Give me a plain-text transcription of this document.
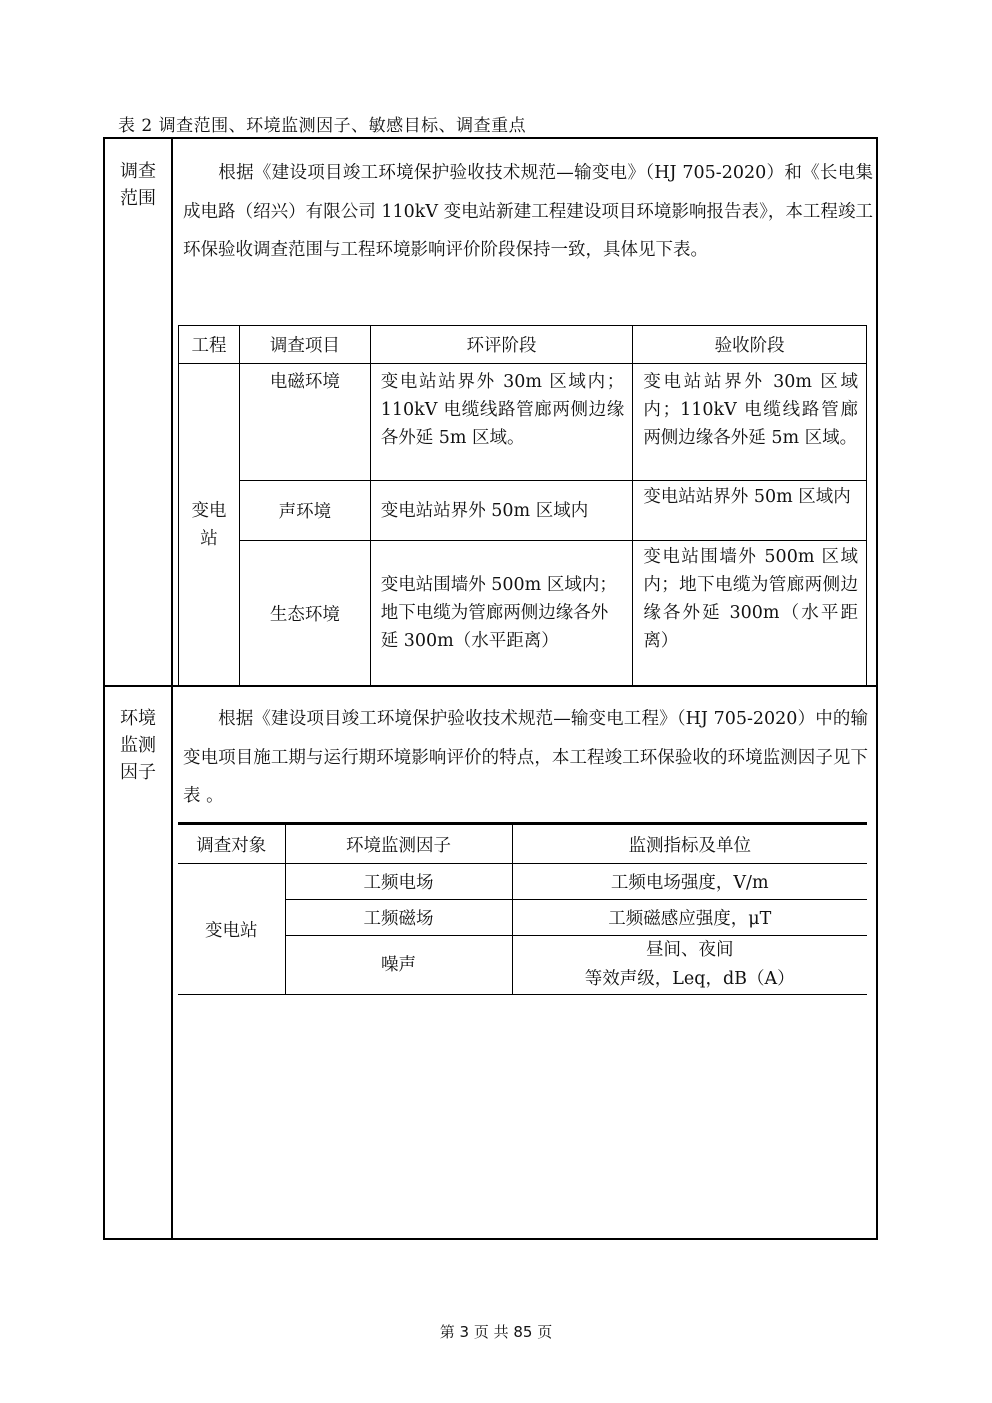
表 2 调查范围、环境监测因子、敏感目标、调查重点
调查
范围
根据《建设项目竣工环境保护验收技术规范—输变电》（HJ 705-2020）和《长电集成电路（绍兴）有限公司 110kV 变电站新建工程建设项目环境影响报告表》，本工程竣工环保验收调查范围与工程环境影响评价阶段保持一致，具体见下表。
工程	调查项目	环评阶段	验收阶段

变电站	电磁环境	变电站站界外 30m 区域内；110kV 电缆线路管廊两侧边缘各外延 5m 区域。	变电站站界外 30m 区域内；110kV 电缆线路管廊两侧边缘各外延 5m 区域。
	声环境	变电站站界外 50m 区域内	变电站站界外 50m 区域内
	生态环境	变电站围墙外 500m 区域内；地下电缆为管廊两侧边缘各外延 300m（水平距离）	变电站围墙外 500m 区域内；地下电缆为管廊两侧边缘各外延 300m（水平距离）
环境
监测
因子
根据《建设项目竣工环境保护验收技术规范—输变电工程》（HJ 705-2020）中的输变电项目施工期与运行期环境影响评价的特点，本工程竣工环保验收的环境监测因子见下表 。
调查对象	环境监测因子	监测指标及单位
变电站	工频电场	工频电场强度，V/m
	工频磁场	工频磁感应强度，μT
	噪声	昼间、夜间
等效声级，Leq，dB（A）
第 3 页 共 85 页
